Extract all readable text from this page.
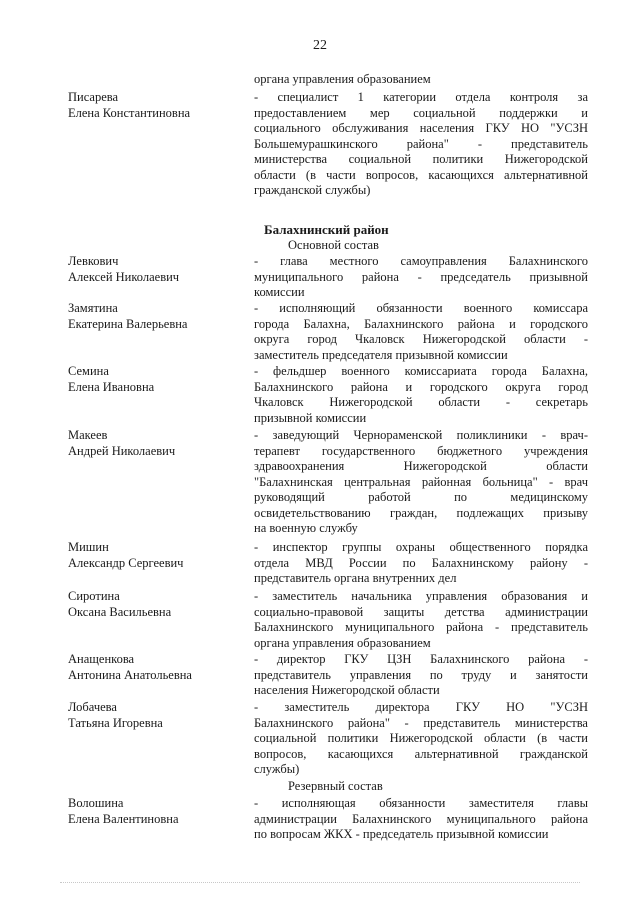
22
органа управления образованием
Писарева
Елена Константиновна
- специалист 1 категории отдела контроля за
предоставлением мер социальной поддержки и
социального обслуживания населения ГКУ НО "УСЗН
Большемурашкинского района" - представитель
министерства социальной политики Нижегородской
области (в части вопросов, касающихся альтернативной
гражданской службы)
Балахнинский район
Основной состав
Левкович
Алексей Николаевич
- глава местного самоуправления Балахнинского
муниципального района - председатель призывной
комиссии
Замятина
Екатерина Валерьевна
- исполняющий обязанности военного комиссара
города Балахна, Балахнинского района и городского
округа город Чкаловск Нижегородской области -
заместитель председателя призывной комиссии
Семина
Елена Ивановна
- фельдшер военного комиссариата города Балахна,
Балахнинского района и городского округа город
Чкаловск Нижегородской области - секретарь
призывной комиссии
Макеев
Андрей Николаевич
- заведующий Чернораменской поликлиники - врач-
терапевт государственного бюджетного учреждения
здравоохранения Нижегородской области
"Балахнинская центральная районная больница" - врач
руководящий работой по медицинскому
освидетельствованию граждан, подлежащих призыву
на военную службу
Мишин
Александр Сергеевич
- инспектор группы охраны общественного порядка
отдела МВД России по Балахнинскому району -
представитель органа внутренних дел
Сиротина
Оксана Васильевна
- заместитель начальника управления образования и
социально-правовой защиты детства администрации
Балахнинского муниципального района - представитель
органа управления образованием
Анащенкова
Антонина Анатольевна
- директор ГКУ ЦЗН Балахнинского района -
представитель управления по труду и занятости
населения Нижегородской области
Лобачева
Татьяна Игоревна
- заместитель директора ГКУ НО "УСЗН
Балахнинского района" - представитель министерства
социальной политики Нижегородской области (в части
вопросов, касающихся альтернативной гражданской
службы)
Резервный состав
Волошина
Елена Валентиновна
- исполняющая обязанности заместителя главы
администрации Балахнинского муниципального района
по вопросам ЖКХ - председатель призывной комиссии
